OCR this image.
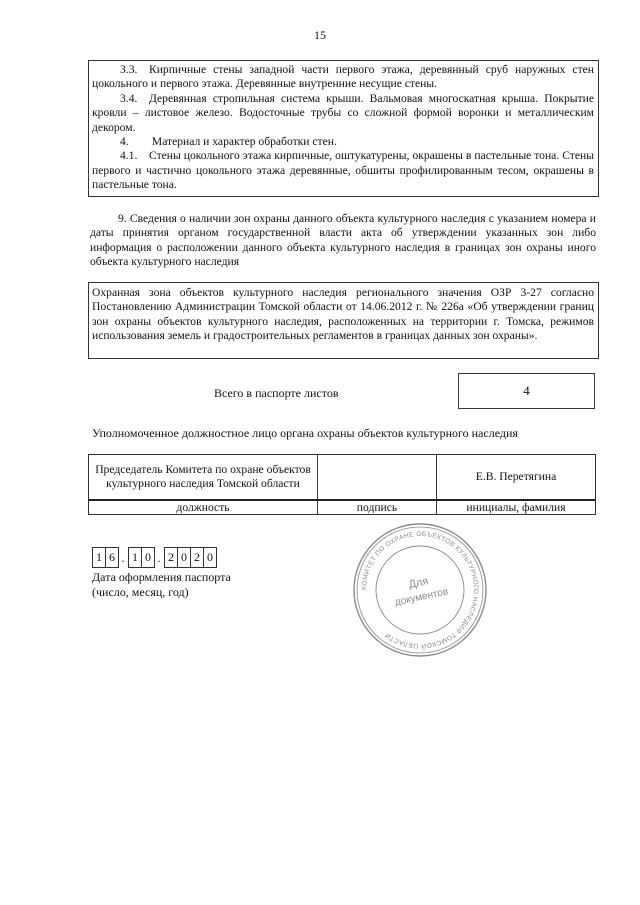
15

3.3. Кирпичные стены западной части первого этажа, деревянный сруб наружных стен цокольного и первого этажа. Деревянные внутренние несущие стены.

3.4. Деревянная стропильная система крыши. Вальмовая многоскатная крыша. Покрытие кровли – листовое железо. Водосточные трубы со сложной формой воронки и металлическим декором.

4.  Материал и характер обработки стен.

4.1. Стены цокольного этажа кирпичные, оштукатурены, окрашены в пастельные тона. Стены первого и частично цокольного этажа деревянные, обшиты профилированным тесом, окрашены в пастельные тона.

9. Сведения о наличии зон охраны данного объекта культурного наследия с указанием номера и даты принятия органом государственной власти акта об утверждении указанных зон либо информация о расположении данного объекта культурного наследия в границах зон охраны иного объекта культурного наследия

Охранная зона объектов культурного наследия регионального значения ОЗР 3-27 согласно Постановлению Администрации Томской области от 14.06.2012 г. № 226а «Об утверждении границ зон охраны объектов культурного наследия, расположенных на территории г. Томска, режимов использования земель и градостроительных регламентов в границах данных зон охраны».

Всего в паспорте листов	4
Уполномоченное должностное лицо органа охраны объектов культурного наследия
Председатель Комитета по охране объектов культурного наследия Томской области		Е.В. Перетягина
должность	подпись	инициалы, фамилия
1 6 . 1 0 . 2 0 2 0
Дата оформления паспорта
(число, месяц, год)	КОМИТЕТ ПО ОХРАНЕ ОБЪЕКТОВ КУЛЬТУРНОГО НАСЛЕДИЯ ТОМСКОЙ ОБЛАСТИ
Для
документов
